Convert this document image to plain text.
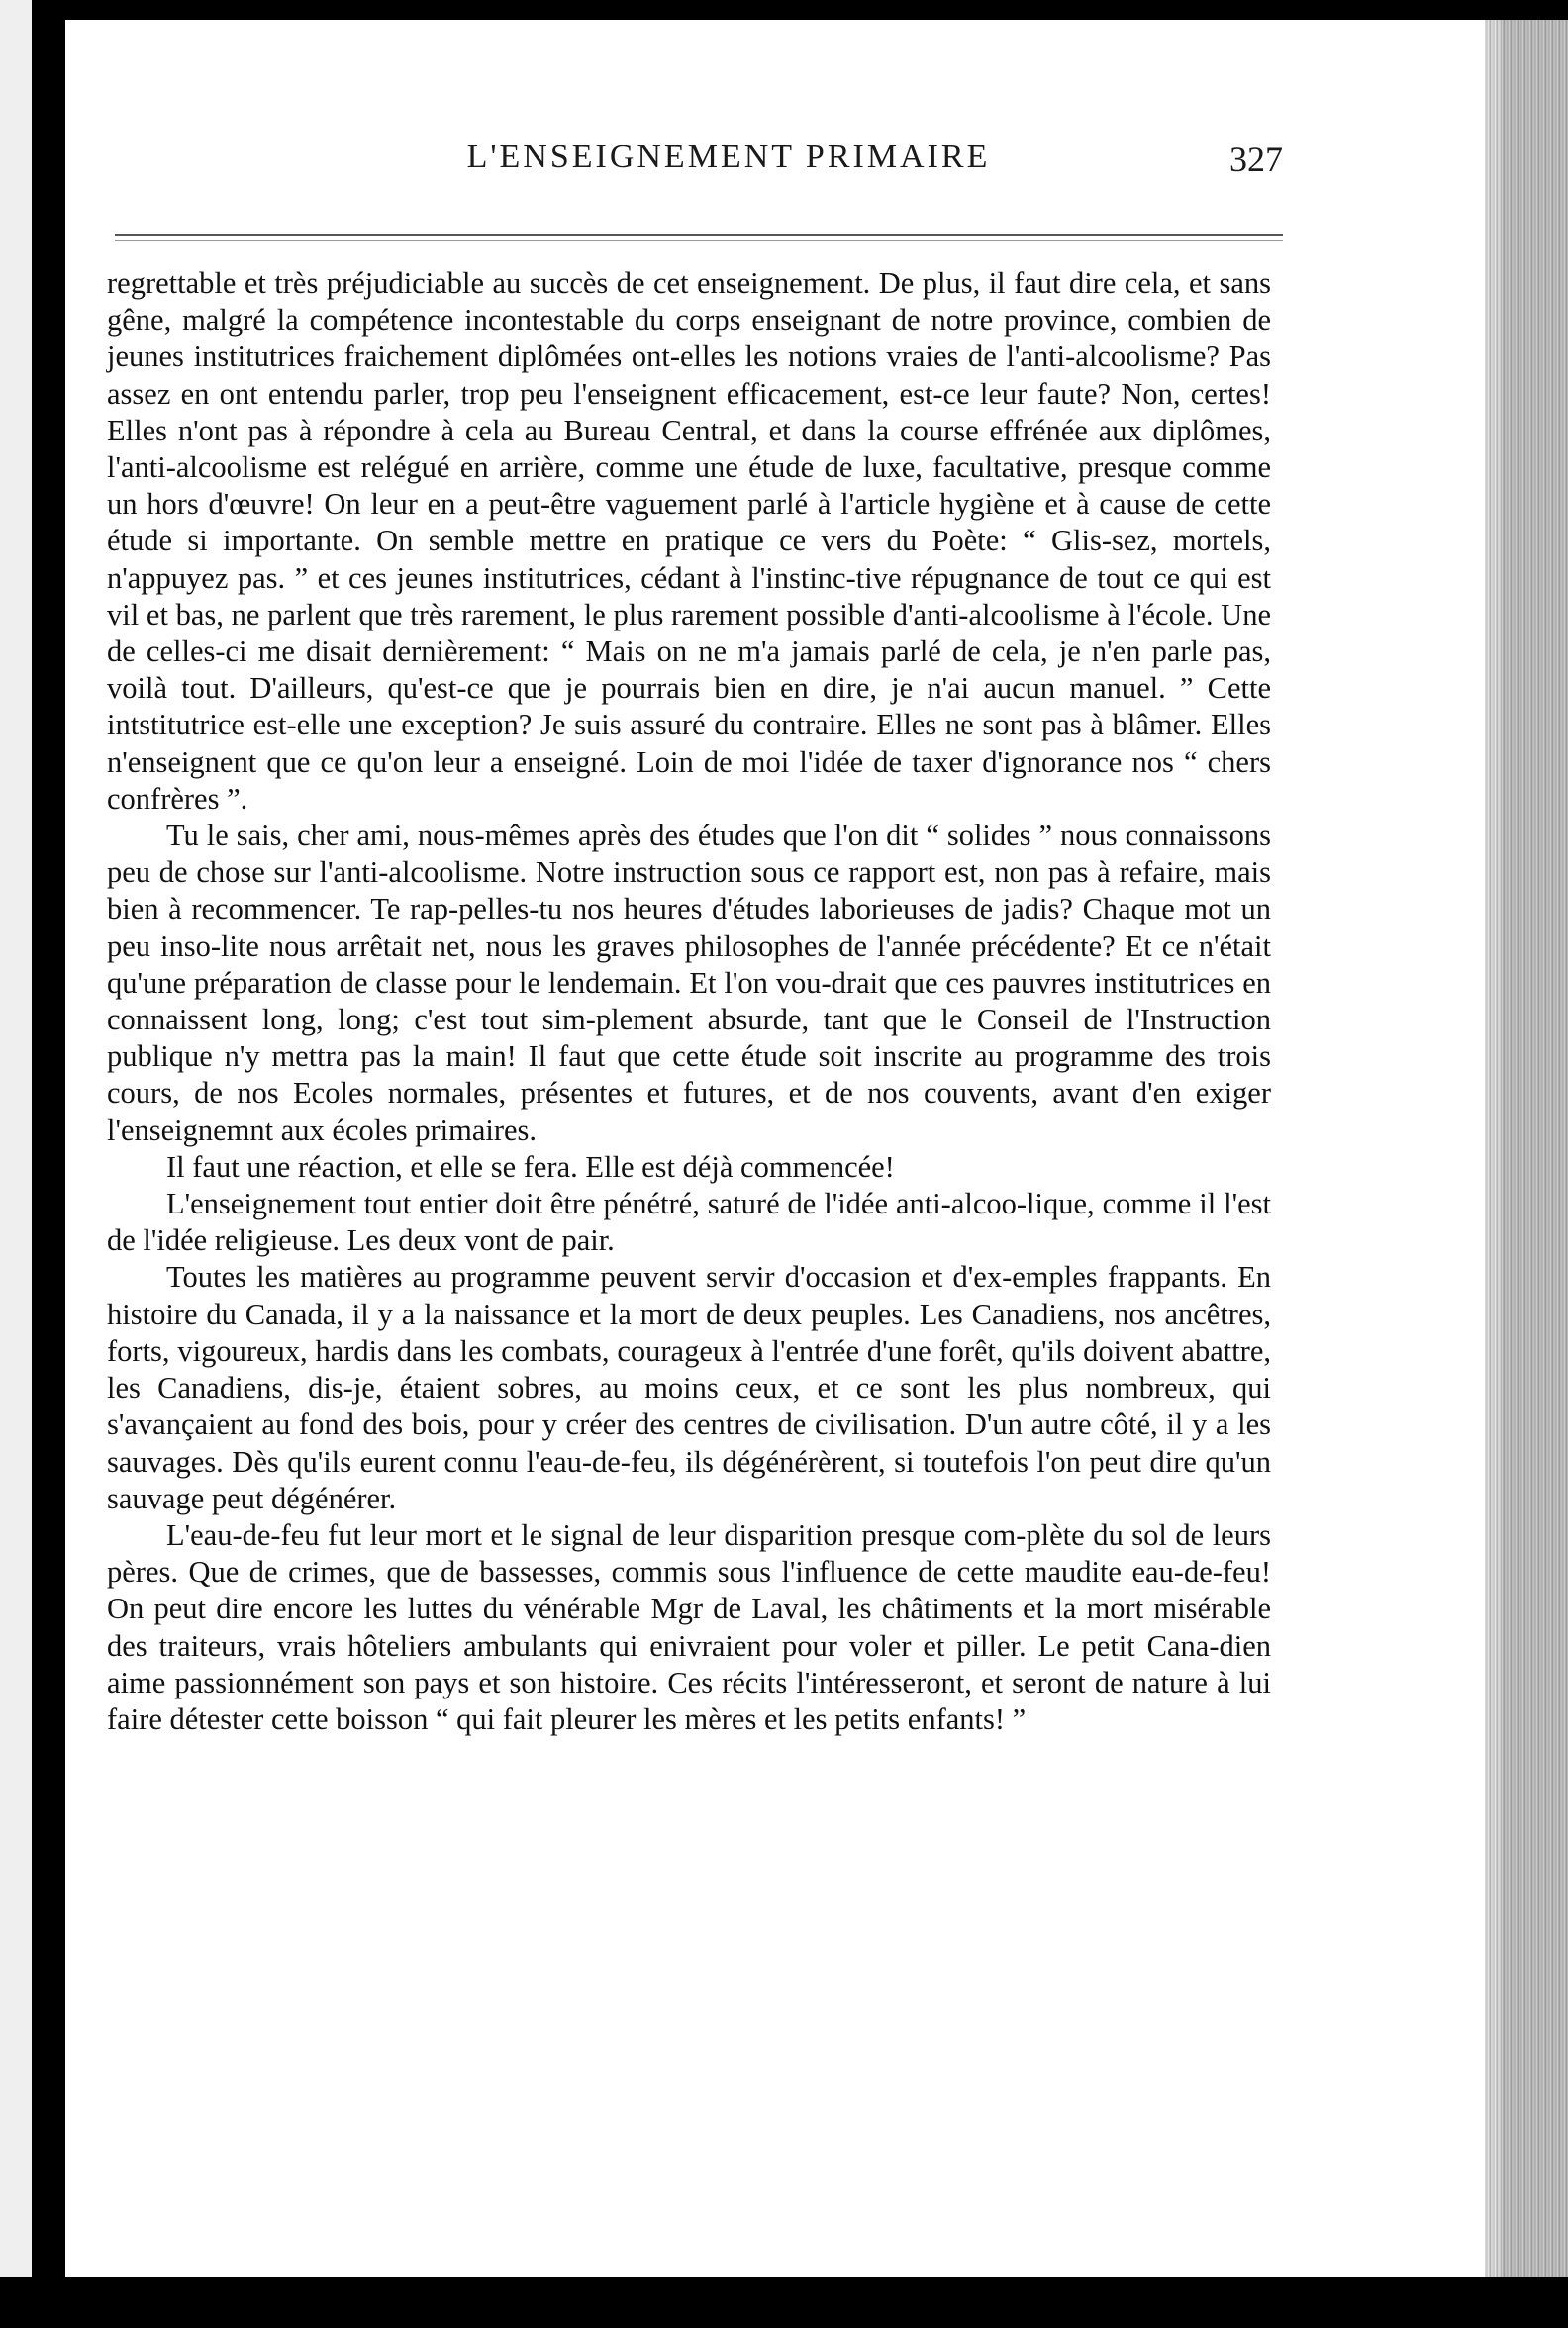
L'ENSEIGNEMENT PRIMAIRE	327

regrettable et très préjudiciable au succès de cet enseignement. De plus, il faut dire cela, et sans gêne, malgré la compétence incontestable du corps enseignant de notre province, combien de jeunes institutrices fraichement diplômées ont-elles les notions vraies de l'anti-alcoolisme? Pas assez en ont entendu parler, trop peu l'enseignent efficacement, est-ce leur faute? Non, certes! Elles n'ont pas à répondre à cela au Bureau Central, et dans la course effrénée aux diplômes, l'anti-alcoolisme est relégué en arrière, comme une étude de luxe, facultative, presque comme un hors d'œuvre! On leur en a peut-être vaguement parlé à l'article hygiène et à cause de cette étude si importante. On semble mettre en pratique ce vers du Poète: “ Glis-sez, mortels, n'appuyez pas. ” et ces jeunes institutrices, cédant à l'instinc-tive répugnance de tout ce qui est vil et bas, ne parlent que très rarement, le plus rarement possible d'anti-alcoolisme à l'école. Une de celles-ci me disait dernièrement: “ Mais on ne m'a jamais parlé de cela, je n'en parle pas, voilà tout. D'ailleurs, qu'est-ce que je pourrais bien en dire, je n'ai aucun manuel. ” Cette intstitutrice est-elle une exception? Je suis assuré du contraire. Elles ne sont pas à blâmer. Elles n'enseignent que ce qu'on leur a enseigné. Loin de moi l'idée de taxer d'ignorance nos “ chers confrères ”.

Tu le sais, cher ami, nous-mêmes après des études que l'on dit “ solides ” nous connaissons peu de chose sur l'anti-alcoolisme. Notre instruction sous ce rapport est, non pas à refaire, mais bien à recommencer. Te rap-pelles-tu nos heures d'études laborieuses de jadis? Chaque mot un peu inso-lite nous arrêtait net, nous les graves philosophes de l'année précédente? Et ce n'était qu'une préparation de classe pour le lendemain. Et l'on vou-drait que ces pauvres institutrices en connaissent long, long; c'est tout sim-plement absurde, tant que le Conseil de l'Instruction publique n'y mettra pas la main! Il faut que cette étude soit inscrite au programme des trois cours, de nos Ecoles normales, présentes et futures, et de nos couvents, avant d'en exiger l'enseignemnt aux écoles primaires.

Il faut une réaction, et elle se fera. Elle est déjà commencée!

L'enseignement tout entier doit être pénétré, saturé de l'idée anti-alcoo-lique, comme il l'est de l'idée religieuse. Les deux vont de pair.

Toutes les matières au programme peuvent servir d'occasion et d'ex-emples frappants. En histoire du Canada, il y a la naissance et la mort de deux peuples. Les Canadiens, nos ancêtres, forts, vigoureux, hardis dans les combats, courageux à l'entrée d'une forêt, qu'ils doivent abattre, les Canadiens, dis-je, étaient sobres, au moins ceux, et ce sont les plus nombreux, qui s'avançaient au fond des bois, pour y créer des centres de civilisation. D'un autre côté, il y a les sauvages. Dès qu'ils eurent connu l'eau-de-feu, ils dégénérèrent, si toutefois l'on peut dire qu'un sauvage peut dégénérer.

L'eau-de-feu fut leur mort et le signal de leur disparition presque com-plète du sol de leurs pères. Que de crimes, que de bassesses, commis sous l'influence de cette maudite eau-de-feu! On peut dire encore les luttes du vénérable Mgr de Laval, les châtiments et la mort misérable des traiteurs, vrais hôteliers ambulants qui enivraient pour voler et piller. Le petit Cana-dien aime passionnément son pays et son histoire. Ces récits l'intéresseront, et seront de nature à lui faire détester cette boisson “ qui fait pleurer les mères et les petits enfants! ”
